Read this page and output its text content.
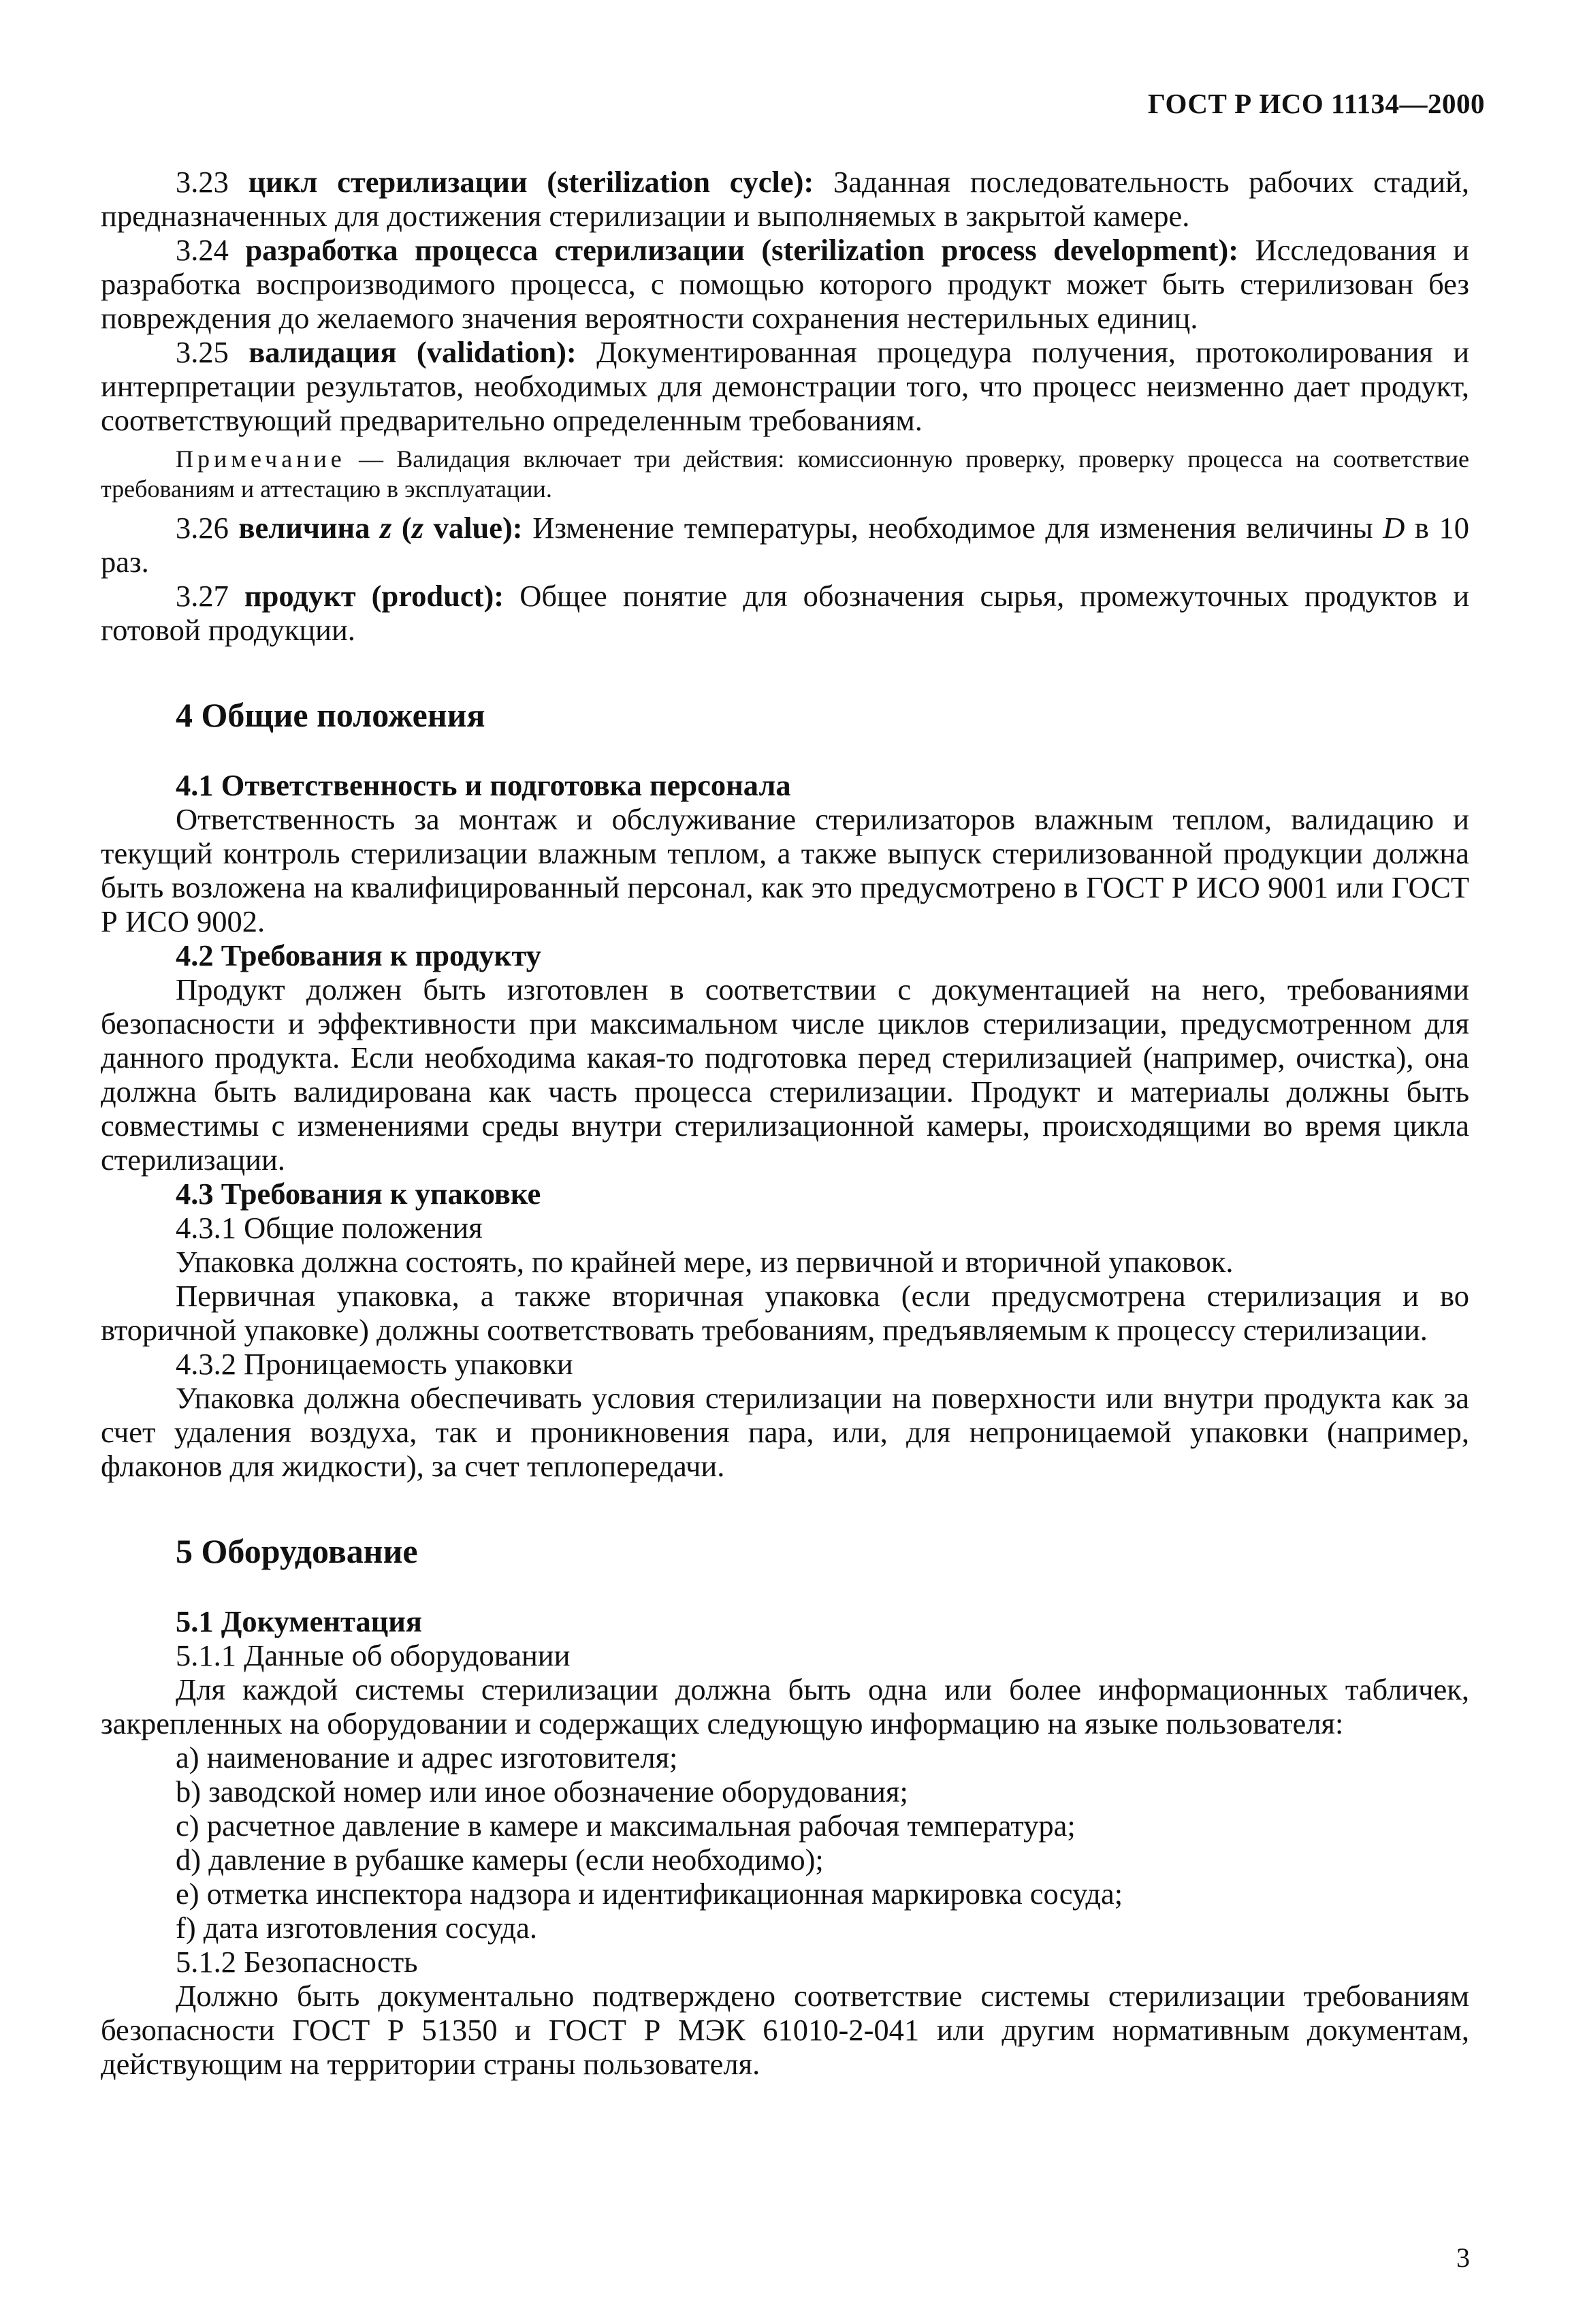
ГОСТ Р ИСО 11134—2000

3.23 цикл стерилизации (sterilization cycle): Заданная последовательность рабочих стадий, предназначенных для достижения стерилизации и выполняемых в закрытой камере.

3.24 разработка процесса стерилизации (sterilization process development): Исследования и разработка воспроизводимого процесса, с помощью которого продукт может быть стерилизован без повреждения до желаемого значения вероятности сохранения нестерильных единиц.

3.25 валидация (validation): Документированная процедура получения, протоколирования и интерпретации результатов, необходимых для демонстрации того, что процесс неизменно дает продукт, соответствующий предварительно определенным требованиям.

Примечание — Валидация включает три действия: комиссионную проверку, проверку процесса на соответствие требованиям и аттестацию в эксплуатации.

3.26 величина z (z value): Изменение температуры, необходимое для изменения величины D в 10 раз.

3.27 продукт (product): Общее понятие для обозначения сырья, промежуточных продуктов и готовой продукции.

4 Общие положения
4.1 Ответственность и подготовка персонала

Ответственность за монтаж и обслуживание стерилизаторов влажным теплом, валидацию и текущий контроль стерилизации влажным теплом, а также выпуск стерилизованной продукции должна быть возложена на квалифицированный персонал, как это предусмотрено в ГОСТ Р ИСО 9001 или ГОСТ Р ИСО 9002.

4.2 Требования к продукту

Продукт должен быть изготовлен в соответствии с документацией на него, требованиями безопасности и эффективности при максимальном числе циклов стерилизации, предусмотренном для данного продукта. Если необходима какая-то подготовка перед стерилизацией (например, очистка), она должна быть валидирована как часть процесса стерилизации. Продукт и материалы должны быть совместимы с изменениями среды внутри стерилизационной камеры, происходящими во время цикла стерилизации.

4.3 Требования к упаковке
4.3.1 Общие положения

Упаковка должна состоять, по крайней мере, из первичной и вторичной упаковок.

Первичная упаковка, а также вторичная упаковка (если предусмотрена стерилизация и во вторичной упаковке) должны соответствовать требованиям, предъявляемым к процессу стерилизации.

4.3.2 Проницаемость упаковки

Упаковка должна обеспечивать условия стерилизации на поверхности или внутри продукта как за счет удаления воздуха, так и проникновения пара, или, для непроницаемой упаковки (например, флаконов для жидкости), за счет теплопередачи.

5 Оборудование
5.1 Документация
5.1.1 Данные об оборудовании

Для каждой системы стерилизации должна быть одна или более информационных табличек, закрепленных на оборудовании и содержащих следующую информацию на языке пользователя:

a) наименование и адрес изготовителя;
b) заводской номер или иное обозначение оборудования;
c) расчетное давление в камере и максимальная рабочая температура;
d) давление в рубашке камеры (если необходимо);
e) отметка инспектора надзора и идентификационная маркировка сосуда;
f) дата изготовления сосуда.
5.1.2 Безопасность

Должно быть документально подтверждено соответствие системы стерилизации требованиям безопасности ГОСТ Р 51350 и ГОСТ Р МЭК 61010-2-041 или другим нормативным документам, действующим на территории страны пользователя.

3
